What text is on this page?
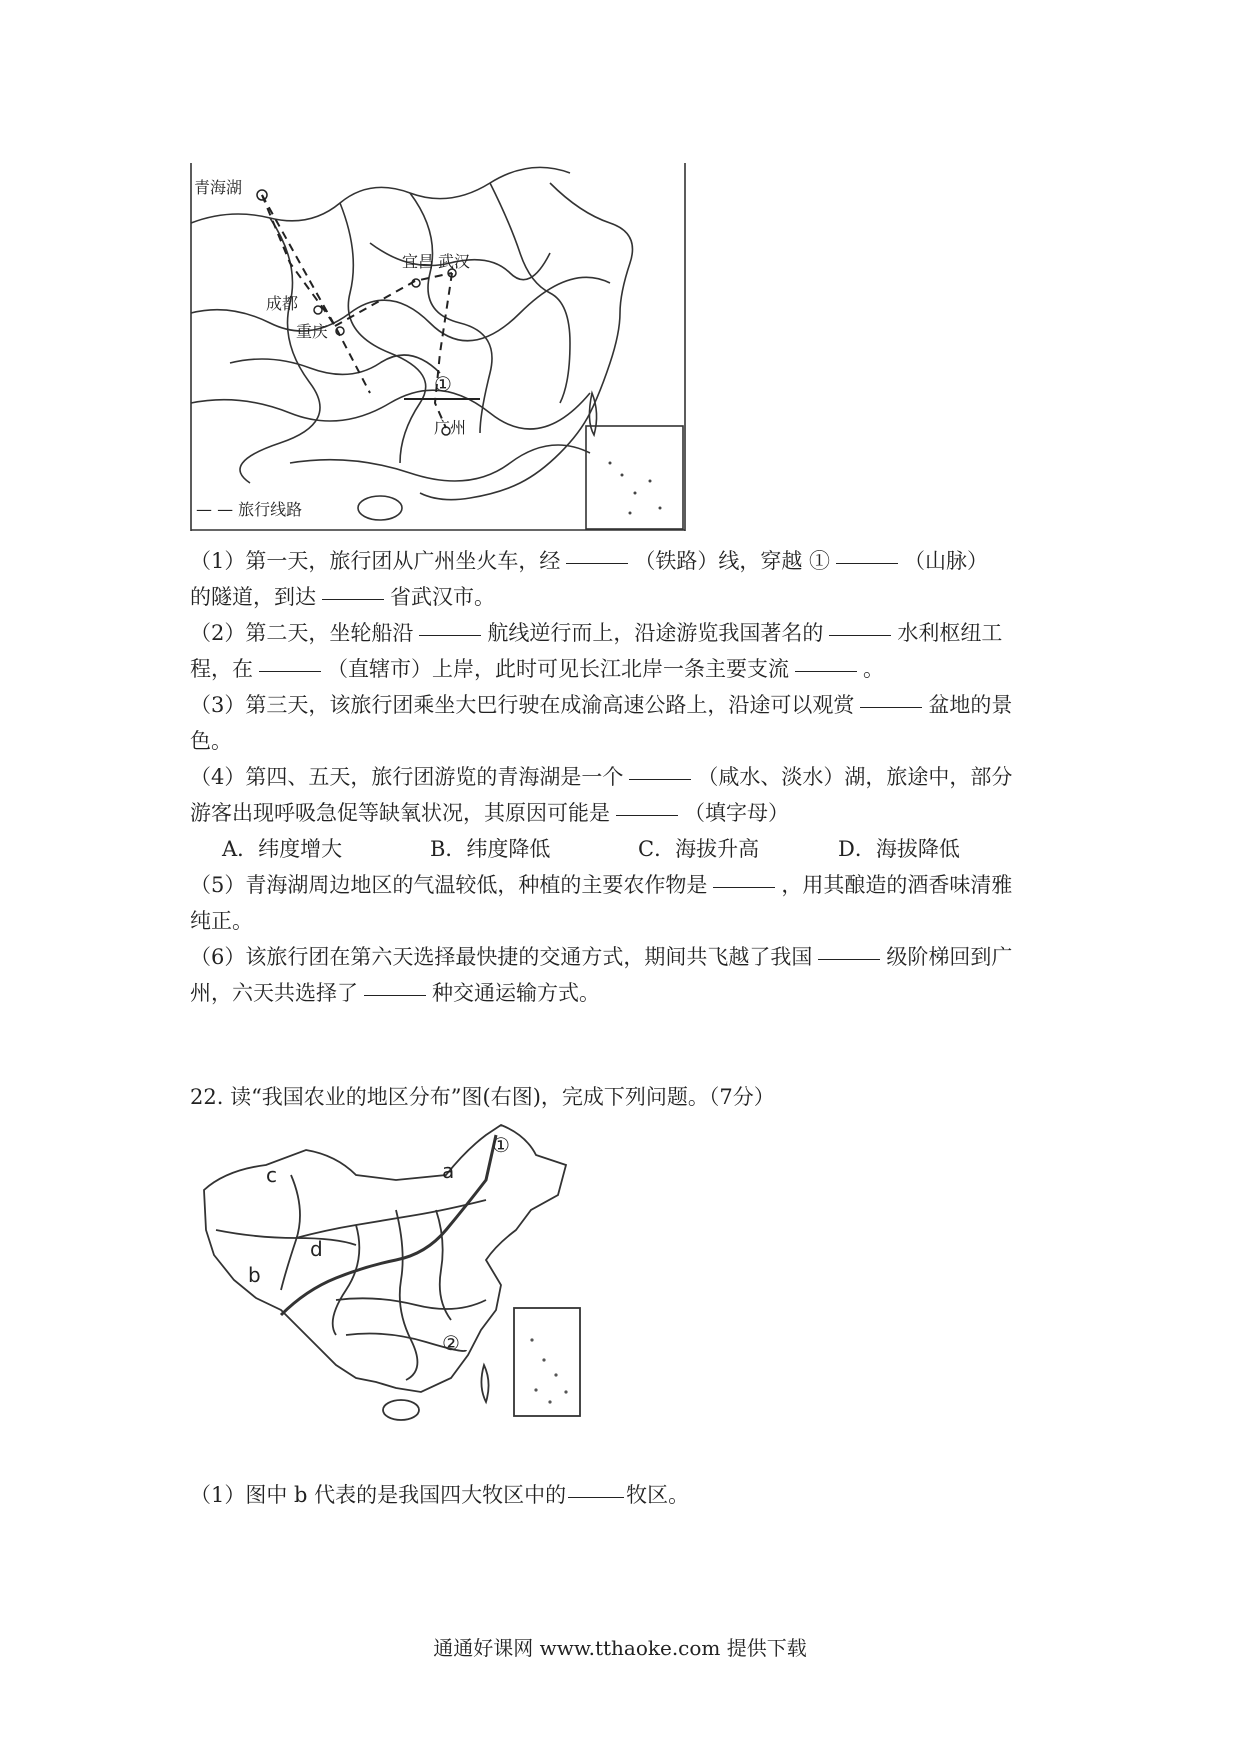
青海湖
成都
重庆
宜昌 武汉
广州
— — 旅行线路
①
（1）第一天，旅行团从广州坐火车，经	（铁路）线，穿越 ①	（山脉）
的隧道，到达	省武汉市。
（2）第二天，坐轮船沿	航线逆行而上，沿途游览我国著名的	水利枢纽工
程，在	（直辖市）上岸，此时可见长江北岸一条主要支流	。
（3）第三天，该旅行团乘坐大巴行驶在成渝高速公路上，沿途可以观赏	盆地的景
色。
（4）第四、五天，旅行团游览的青海湖是一个	（咸水、淡水）湖，旅途中，部分
游客出现呼吸急促等缺氧状况，其原因可能是	（填字母）
A．纬度增大	B．纬度降低	C．海拔升高	D．海拔降低
（5）青海湖周边地区的气温较低，种植的主要农作物是	，用其酿造的酒香味清雅
纯正。
（6）该旅行团在第六天选择最快捷的交通方式，期间共飞越了我国	级阶梯回到广
州，六天共选择了	种交通运输方式。
22. 读“我国农业的地区分布”图(右图)，完成下列问题。（7分）
a
b
c
d
①
②
（1）图中 b 代表的是我国四大牧区中的	牧区。
通通好课网 www.tthaoke.com 提供下载
